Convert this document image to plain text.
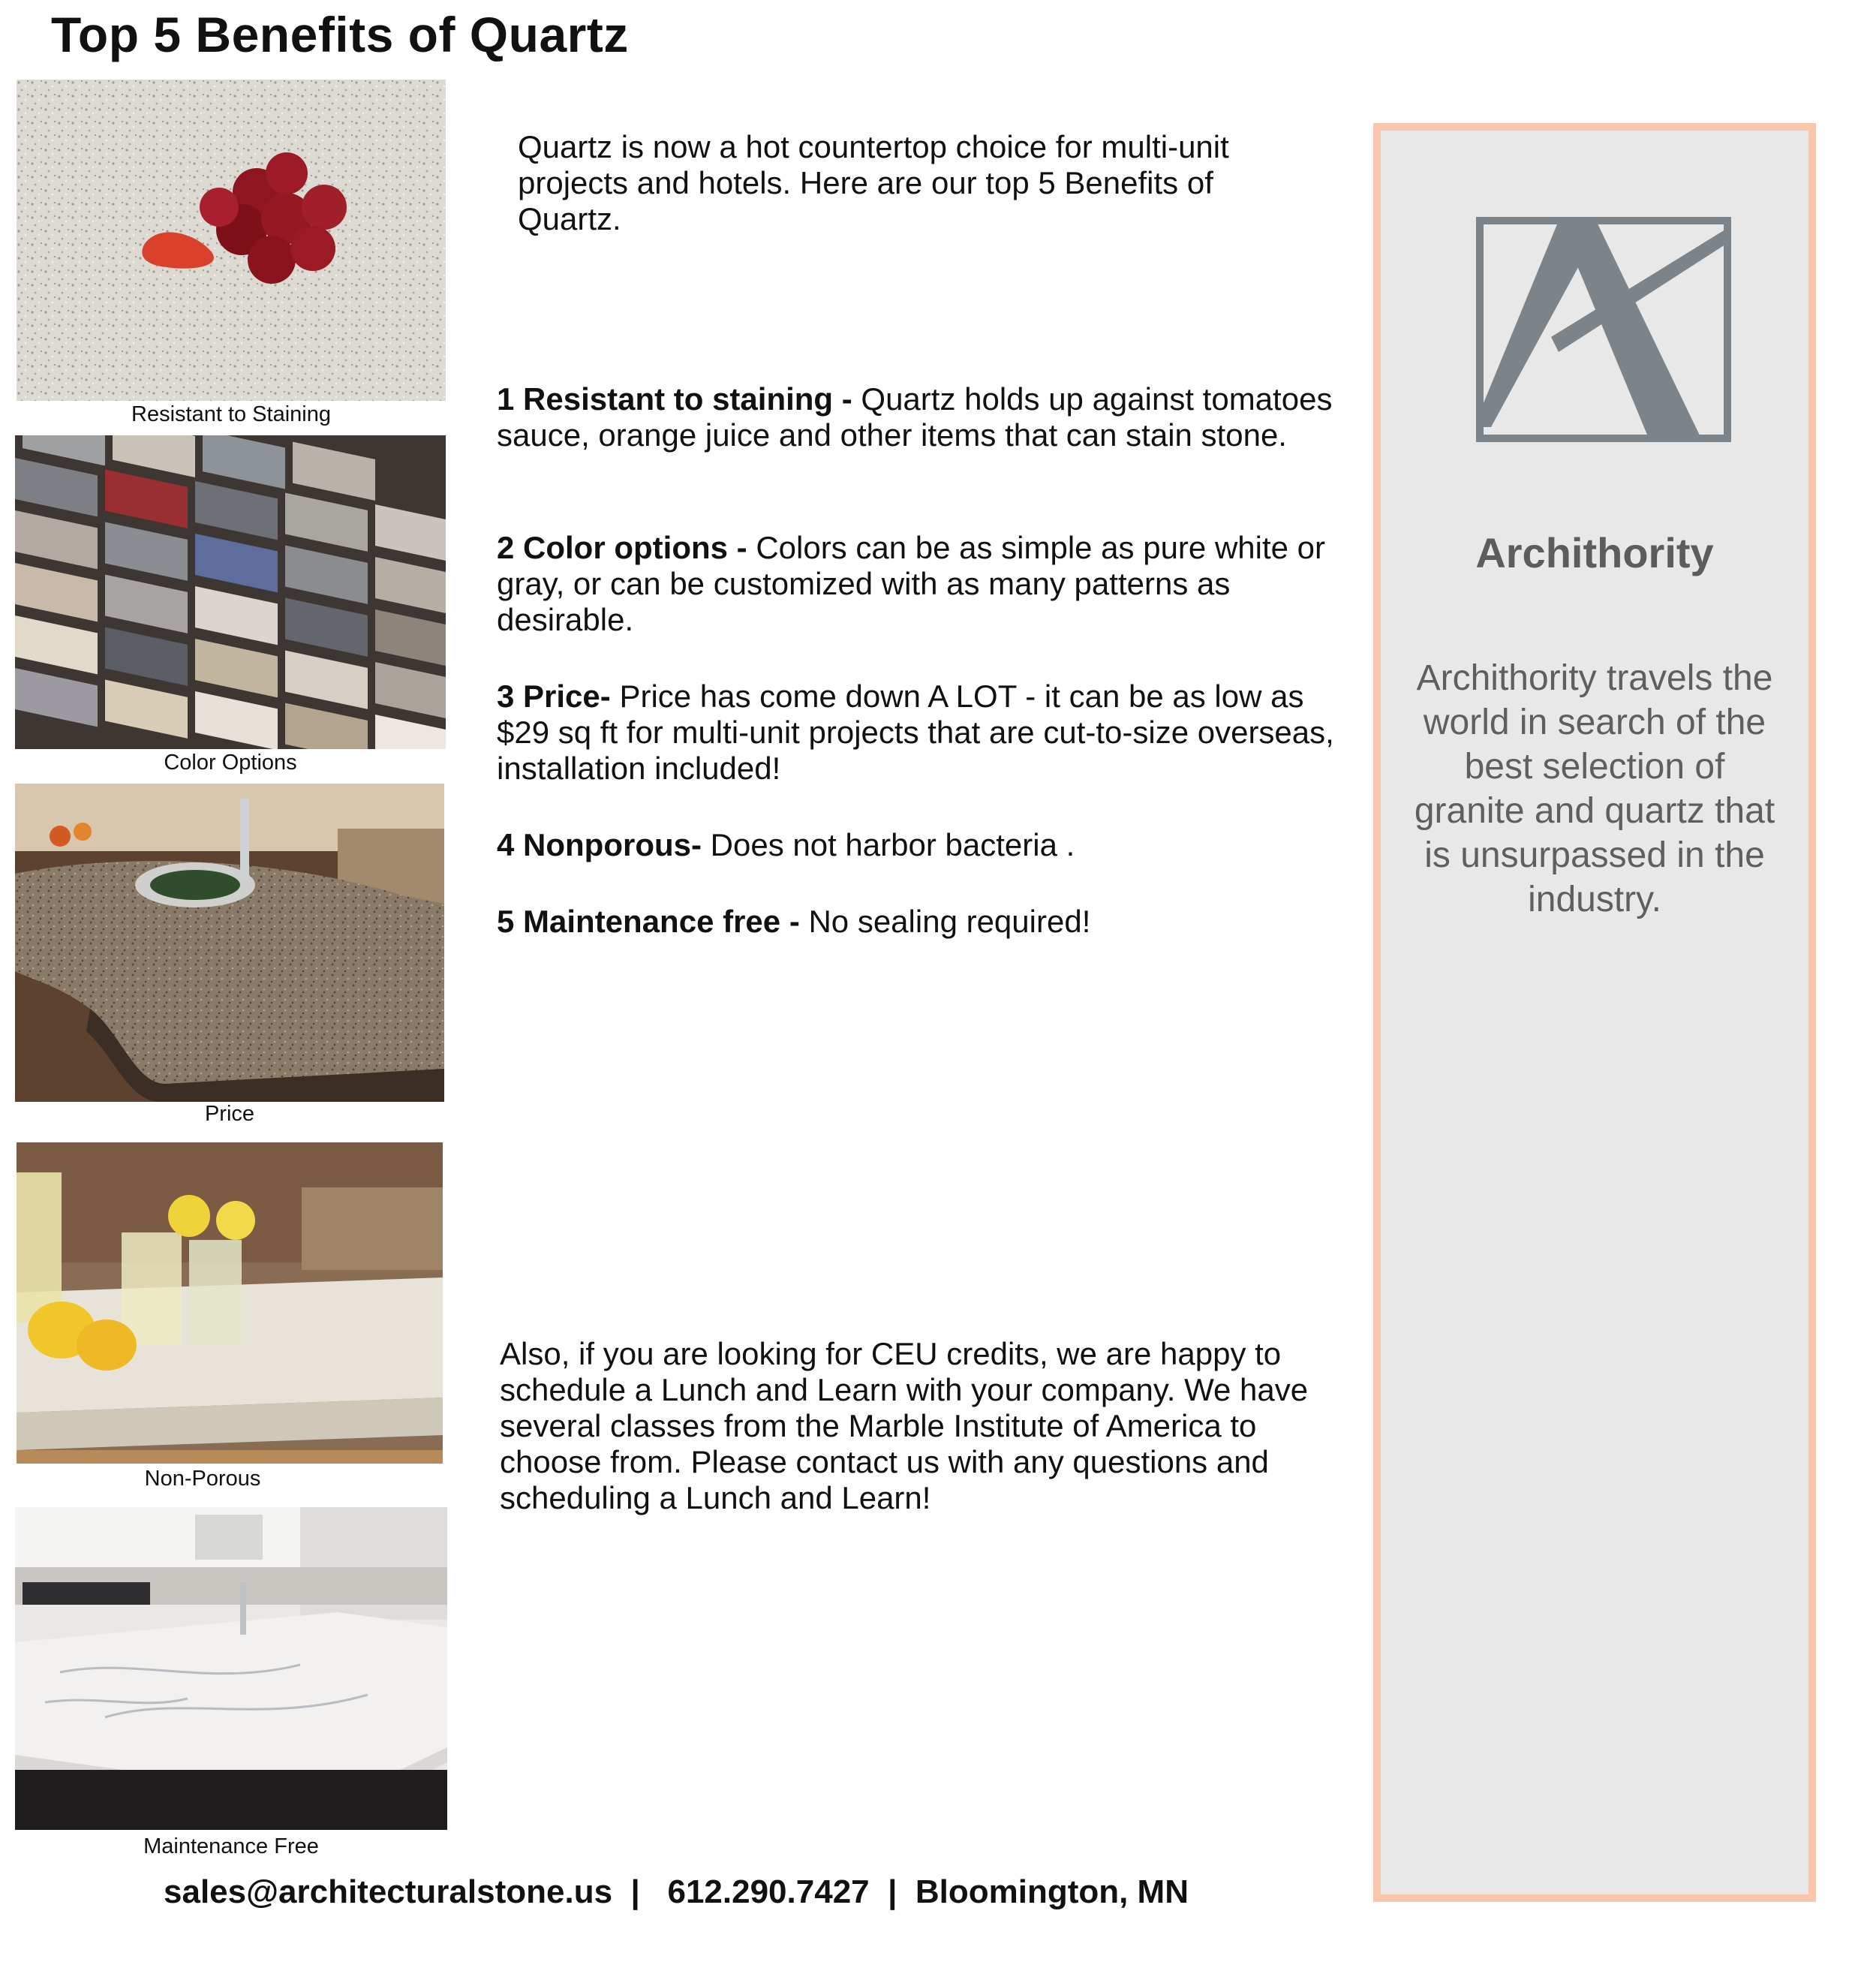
Top 5 Benefits of Quartz
Resistant to Staining
Color Options
Price
Non-Porous
Maintenance Free
Quartz is now a hot countertop choice for multi-unit projects and hotels. Here are our top 5 Benefits of Quartz.
1 Resistant to staining - Quartz holds up against tomatoes sauce, orange juice and other items that can stain stone.
2 Color options - Colors can be as simple as pure white or gray, or can be customized with as many patterns as desirable.
3 Price- Price has come down A LOT - it can be as low as $29 sq ft for multi-unit projects that are cut-to-size overseas, installation included!
4 Nonporous- Does not harbor bacteria .
5 Maintenance free - No sealing required!
Also, if you are looking for CEU credits, we are happy to schedule a Lunch and Learn with your company. We have several classes from the Marble Institute of America to choose from. Please contact us with any questions and scheduling a Lunch and Learn!
Archithority
Archithority travels the world in search of the best selection of granite and quartz that is unsurpassed in the industry.
sales@architecturalstone.us  |   612.290.7427  |  Bloomington, MN
